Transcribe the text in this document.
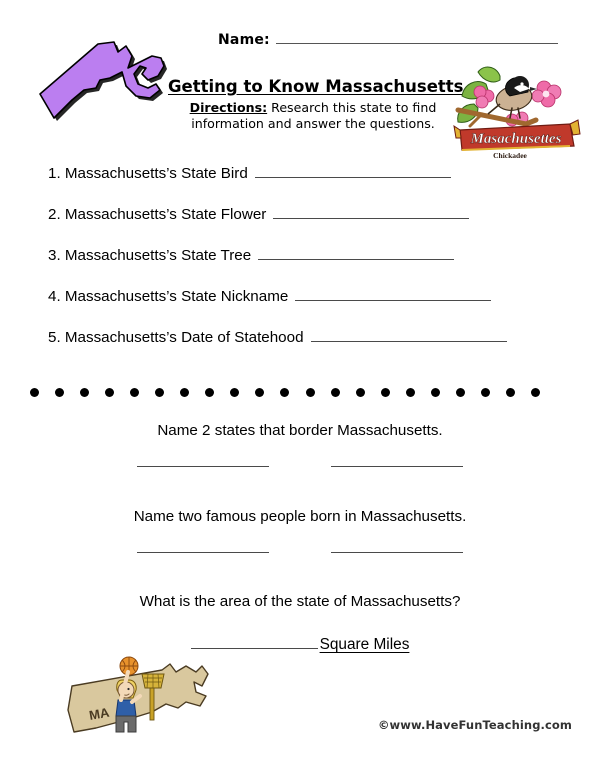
Name:
Getting to Know Massachusetts
Directions: Research this state to find information and answer the questions.
Masachusettes
Chickadee
1. Massachusetts’s State Bird
2. Massachusetts’s State Flower
3. Massachusetts’s State Tree
4. Massachusetts’s State Nickname
5. Massachusetts’s Date of Statehood
Name 2 states that border Massachusetts.
Name two famous people born in Massachusetts.
What is the area of the state of Massachusetts?
Square Miles
MA
©www.HaveFunTeaching.com
